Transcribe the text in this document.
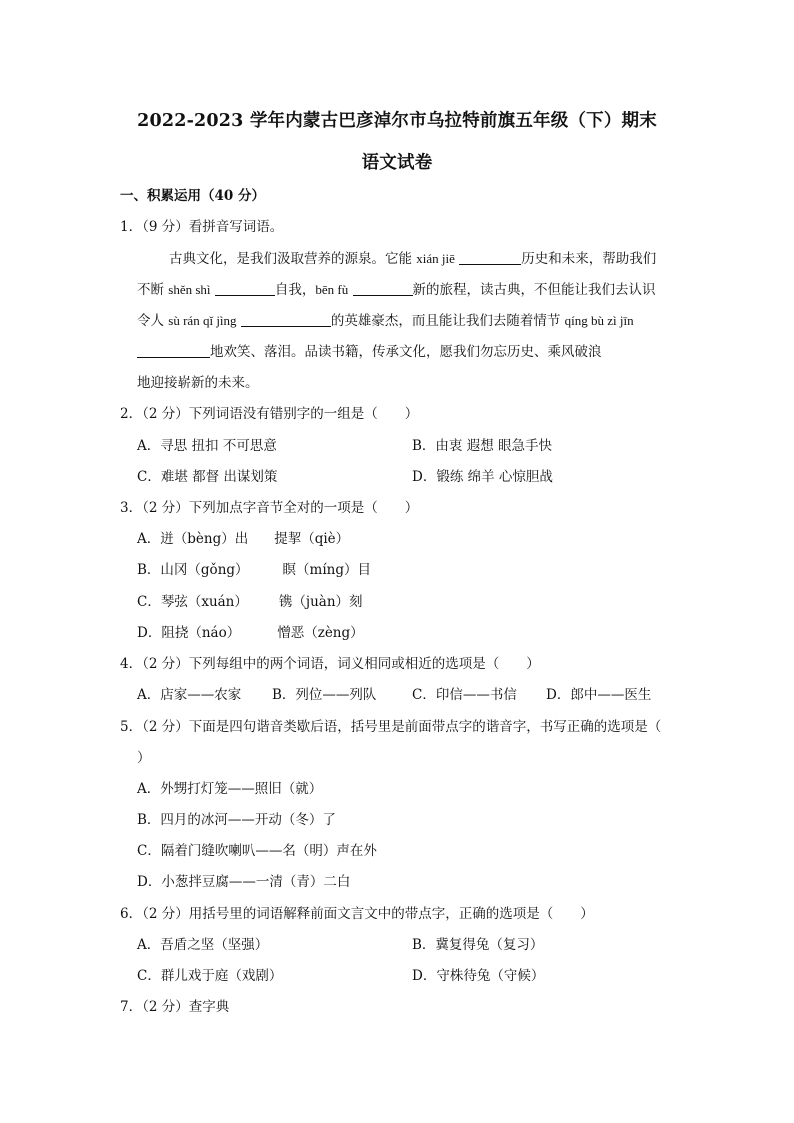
2022-2023 学年内蒙古巴彦淖尔市乌拉特前旗五年级（下）期末
语文试卷
一、积累运用（40 分）
1．（9 分）看拼音写词语。
古典文化，是我们汲取营养的源泉。它能 xián jiē	历史和未来，帮助我们
不断 shěn shì	自我，bēn fù	新的旅程，读古典，不但能让我们去认识
令人 sù rán qǐ jìng	的英雄豪杰，而且能让我们去随着情节 qíng bù zì jīn
地欢笑、落泪。品读书籍，传承文化，愿我们勿忘历史、乘风破浪
地迎接崭新的未来。
2．（2 分）下列词语没有错别字的一组是（　　）
A．寻思 扭扣 不可思意	B．由衷 遐想 眼急手快
C．难堪 都督 出谋划策	D．锻练 绵羊 心惊胆战
3．（2 分）下列加点字音节全对的一项是（　　）
A．迸（bèng）出 提挈（qiè）
B．山冈（gǒng）	瞑（míng）目
C．琴弦（xuán） 镌（juàn）刻
D．阻挠（náo）	憎恶（zèng）
4．（2 分）下列每组中的两个词语，词义相同或相近的选项是（　　）
A．店家——农家 B．列位——列队	C．印信——书信 D．郎中——医生
5．（2 分）下面是四句谐音类歇后语，括号里是前面带点字的谐音字，书写正确的选项是（
）
A．外甥打灯笼——照旧（就）
B．四月的冰河——开动（冬）了
C．隔着门缝吹喇叭——名（明）声在外
D．小葱拌豆腐——一清（青）二白
6．（2 分）用括号里的词语解释前面文言文中的带点字，正确的选项是（　　）
A．吾盾之坚（坚强）	B．冀复得兔（复习）
C．群儿戏于庭（戏剧）	D．守株待兔（守候）
7．（2 分）查字典
